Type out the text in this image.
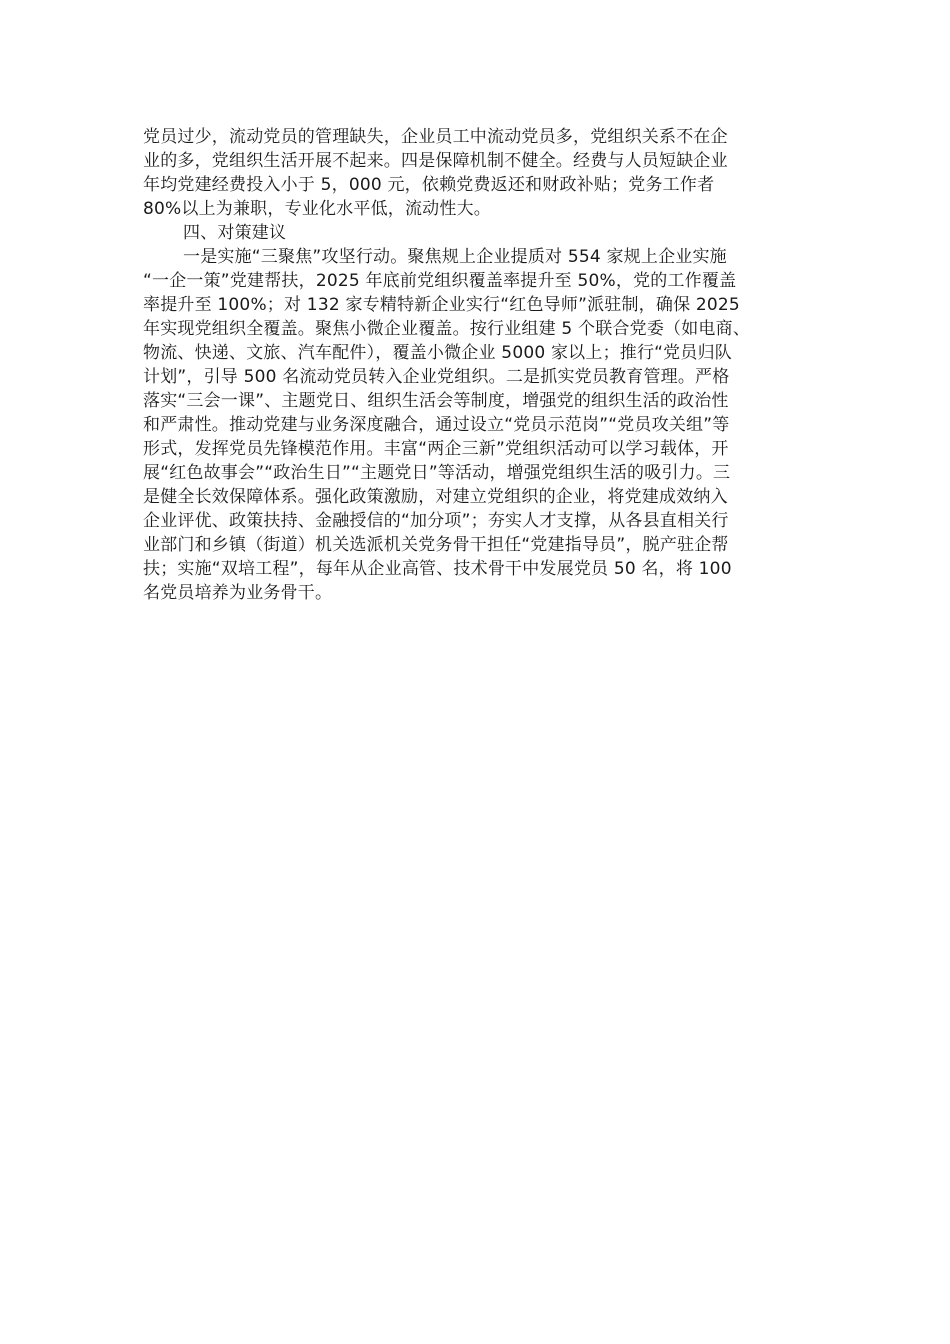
党员过少，流动党员的管理缺失，企业员工中流动党员多，党组织关系不在企
业的多，党组织生活开展不起来。四是保障机制不健全。经费与人员短缺企业
年均党建经费投入小于 5，000 元，依赖党费返还和财政补贴；党务工作者
80%以上为兼职，专业化水平低，流动性大。
四、对策建议
一是实施“三聚焦”攻坚行动。聚焦规上企业提质对 554 家规上企业实施
“一企一策”党建帮扶，2025 年底前党组织覆盖率提升至 50%，党的工作覆盖
率提升至 100%；对 132 家专精特新企业实行“红色导师”派驻制，确保 2025
年实现党组织全覆盖。聚焦小微企业覆盖。按行业组建 5 个联合党委（如电商、
物流、快递、文旅、汽车配件），覆盖小微企业 5000 家以上；推行“党员归队
计划”，引导 500 名流动党员转入企业党组织。二是抓实党员教育管理。严格
落实“三会一课”、主题党日、组织生活会等制度，增强党的组织生活的政治性
和严肃性。推动党建与业务深度融合，通过设立“党员示范岗”“党员攻关组”等
形式，发挥党员先锋模范作用。丰富“两企三新”党组织活动可以学习载体，开
展“红色故事会”“政治生日”“主题党日”等活动，增强党组织生活的吸引力。三
是健全长效保障体系。强化政策激励，对建立党组织的企业，将党建成效纳入
企业评优、政策扶持、金融授信的“加分项”；夯实人才支撑，从各县直相关行
业部门和乡镇（街道）机关选派机关党务骨干担任“党建指导员”，脱产驻企帮
扶；实施“双培工程”，每年从企业高管、技术骨干中发展党员 50 名，将 100
名党员培养为业务骨干。
